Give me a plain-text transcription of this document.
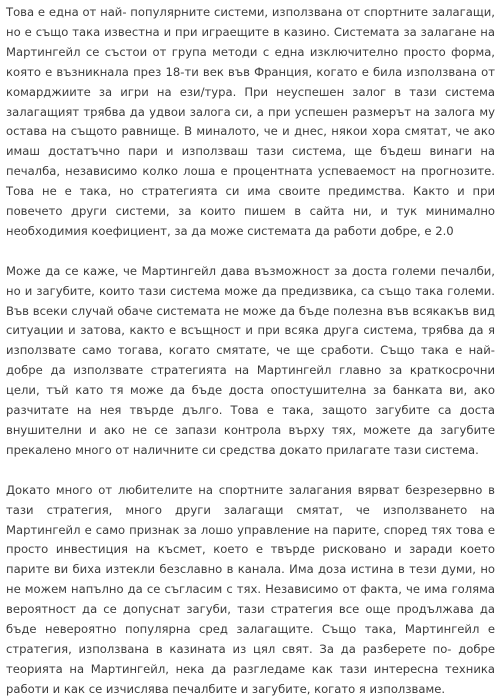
Това е една от най- популярните системи, използвана от спортните залагащи, но е също така известна и при играещите в казино. Системата за залагане на Мартингейл се състои от група методи с една изключително просто форма, която е възникнала през 18-ти век във Франция, когато е била използвана от комарджиите за игри на ези/тура. При неуспешен залог в тази система залагащият трябва да удвои залога си, а при успешен размерът на залога му остава на същото равнище. В миналото, че и днес, някои хора смятат, че ако имаш достатъчно пари и използваш тази система, ще бъдеш винаги на печалба, независимо колко лоша е процентната успеваемост на прогнозите. Това не е така, но стратегията си има своите предимства. Както и при повечето други системи, за които пишем в сайта ни, и тук минимално необходимия коефициент, за да може системата да работи добре, е 2.0

Може да се каже, че Мартингейл дава възможност за доста големи печалби, но и загубите, които тази система може да предизвика, са също така големи. Във всеки случай обаче системата не може да бъде полезна във всякакъв вид ситуации и затова, както е всъщност и при всяка друга система, трябва да я използвате само тогава, когато смятате, че ще сработи. Също така е най- добре да използвате стратегията на Мартингейл главно за краткосрочни цели, тъй като тя може да бъде доста опостушителна за банката ви, ако разчитате на нея твърде дълго. Това е така, защото загубите са доста внушителни и ако не се запази контрола върху тях, можете да загубите прекалено много от наличните си средства докато прилагате тази система.

Докато много от любителите на спортните залагания вярват безрезервно в тази стратегия, много други залагащи смятат, че използването на Мартингейл е само признак за лошо управление на парите, според тях това е просто инвестиция на късмет, което е твърде рисковано и заради което парите ви биха изтекли безславно в канала. Има доза истина в тези думи, но не можем напълно да се съгласим с тях. Независимо от факта, че има голяма вероятност да се допуснат загуби, тази стратегия все още продължава да бъде невероятно популярна сред залагащите. Също така, Мартингейл е стратегия, използвана в казината из цял свят. За да разберете по- добре теорията на Мартингейл, нека да разгледаме как тази интересна техника работи и как се изчислява печалбите и загубите, когато я използваме.
